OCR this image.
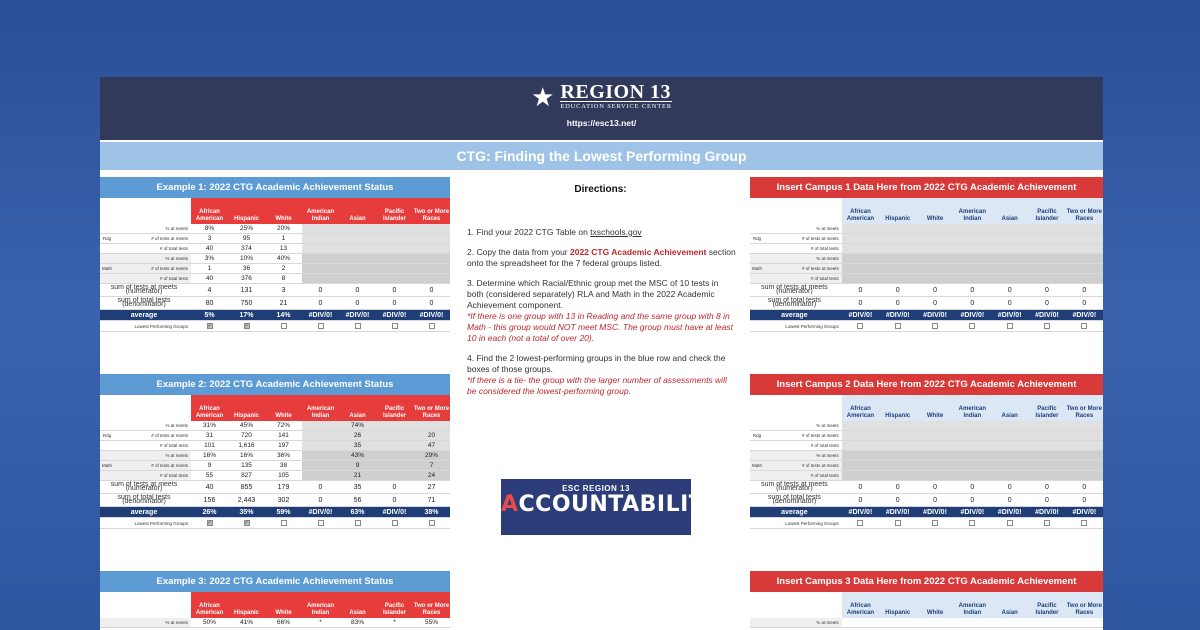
★ REGION 13
EDUCATION SERVICE CENTER
https://esc13.net/
CTG: Finding the Lowest Performing Group
Example 1: 2022 CTG Academic Achievement Status
		African American	Hispanic	White	American Indian	Asian	Pacific Islander	Two or More Races
	% at meets	8%	25%	20%				
Rdg	# of tests at meets	3	95	1				
	# of total tests	40	374	13				
	% at meets	3%	10%	40%				
Math	# of tests at meets	1	36	2				
	# of total tests	40	376	8				
sum of tests at meets (numerator)		4	131	3	0	0	0	0
sum of total tests (denominator)		80	750	21	0	0	0	0
average		5%	17%	14%	#DIV/0!	#DIV/0!	#DIV/0!	#DIV/0!
Lowest Performing Groups		✓	✓					
Example 2: 2022 CTG Academic Achievement Status
		African American	Hispanic	White	American Indian	Asian	Pacific Islander	Two or More Races
	% at meets	31%	45%	72%		74%		
Rdg	# of tests at meets	31	720	141		26		20
	# of total tests	101	1,616	197		35		47
	% at meets	16%	16%	36%		43%		29%
Math	# of tests at meets	9	135	38		9		7
	# of total tests	55	827	105		21		24
sum of tests at meets (numerator)		40	855	179	0	35	0	27
sum of total tests (denominator)		156	2,443	302	0	56	0	71
average		26%	35%	59%	#DIV/0!	63%	#DIV/0!	38%
Lowest Performing Groups		✓	✓					
Example 3: 2022 CTG Academic Achievement Status
		African American	Hispanic	White	American Indian	Asian	Pacific Islander	Two or More Races
	% at meets	50%	41%	66%	*	83%	*	55%
Directions:

1. Find your 2022 CTG Table on txschools.gov

2. Copy the data from your 2022 CTG Academic Achievement section onto the spreadsheet for the 7 federal groups listed.

3. Determine which Racial/Ethnic group met the MSC of 10 tests in both (considered separately) RLA and Math in the 2022 Academic Achievement component.
*If there is one group with 13 in Reading and the same group with 8 in Math - this group would NOT meet MSC. The group must have at least 10 in each (not a total of over 20).

4. Find the 2 lowest-performing groups in the blue row and check the boxes of those groups.
*if there is a tie- the group with the larger number of assessments will be considered the lowest-performing group.

ESC REGION 13
ACCOUNTABILITY
Insert Campus 1 Data Here from 2022 CTG Academic Achievement
		African American	Hispanic	White	American Indian	Asian	Pacific Islander	Two or More Races
	% at meets							
Rdg	# of tests at meets							
	# of total tests							
	% at meets							
Math	# of tests at meets							
	# of total tests							
sum of tests at meets (numerator)		0	0	0	0	0	0	0
sum of total tests (denominator)		0	0	0	0	0	0	0
average		#DIV/0!	#DIV/0!	#DIV/0!	#DIV/0!	#DIV/0!	#DIV/0!	#DIV/0!
Lowest Performing Groups								
Insert Campus 2 Data Here from 2022 CTG Academic Achievement
		African American	Hispanic	White	American Indian	Asian	Pacific Islander	Two or More Races
	% at meets							
Rdg	# of tests at meets							
	# of total tests							
	% at meets							
Math	# of tests at meets							
	# of total tests							
sum of tests at meets (numerator)		0	0	0	0	0	0	0
sum of total tests (denominator)		0	0	0	0	0	0	0
average		#DIV/0!	#DIV/0!	#DIV/0!	#DIV/0!	#DIV/0!	#DIV/0!	#DIV/0!
Lowest Performing Groups								
Insert Campus 3 Data Here from 2022 CTG Academic Achievement
		African American	Hispanic	White	American Indian	Asian	Pacific Islander	Two or More Races
	% at meets							
